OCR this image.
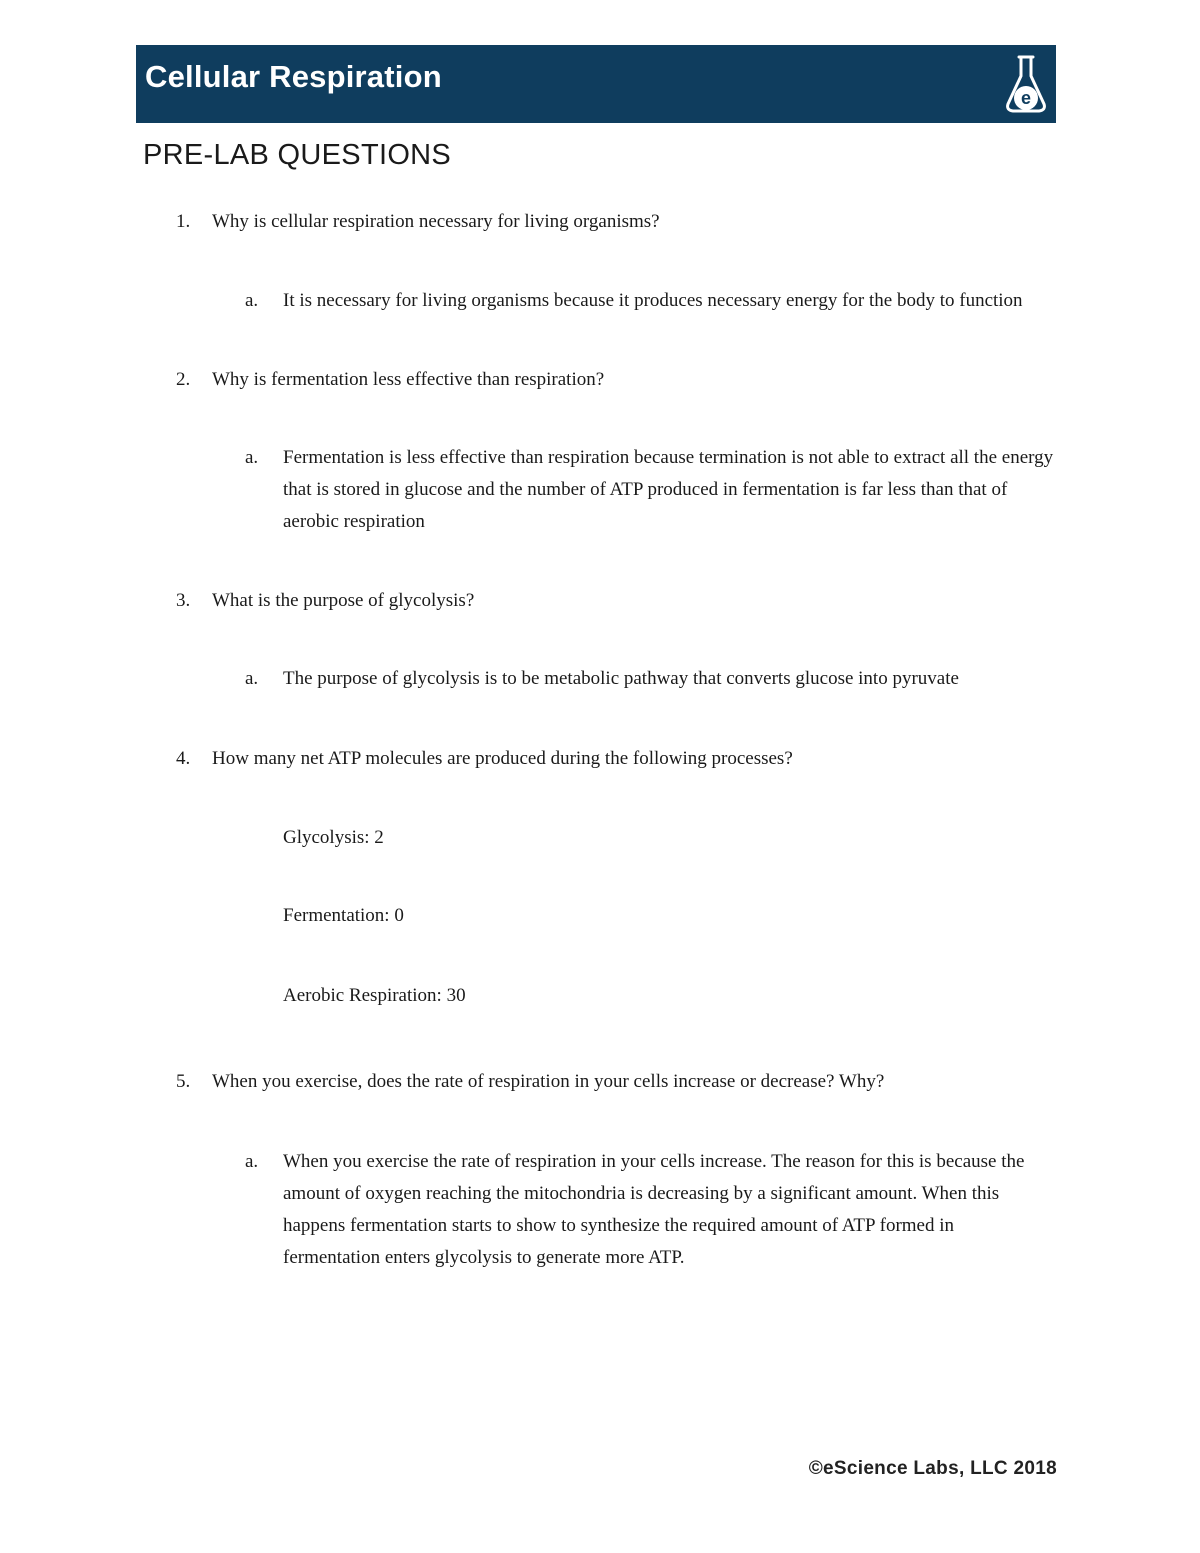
Cellular Respiration
e
PRE-LAB QUESTIONS
1. Why is cellular respiration necessary for living organisms?
a. It is necessary for living organisms because it produces necessary energy for the body to function
2. Why is fermentation less effective than respiration?
a. Fermentation is less effective than respiration because termination is not able to extract all the energy that is stored in glucose and the number of ATP produced in fermentation is far less than that of aerobic respiration
3. What is the purpose of glycolysis?
a. The purpose of glycolysis is to be metabolic pathway that converts glucose into pyruvate
4. How many net ATP molecules are produced during the following processes?
Glycolysis: 2
Fermentation: 0
Aerobic Respiration: 30
5. When you exercise, does the rate of respiration in your cells increase or decrease? Why?
a. When you exercise the rate of respiration in your cells increase. The reason for this is because the amount of oxygen reaching the mitochondria is decreasing by a significant amount. When this happens fermentation starts to show to synthesize the required amount of ATP formed in fermentation enters glycolysis to generate more ATP.
©eScience Labs, LLC 2018
